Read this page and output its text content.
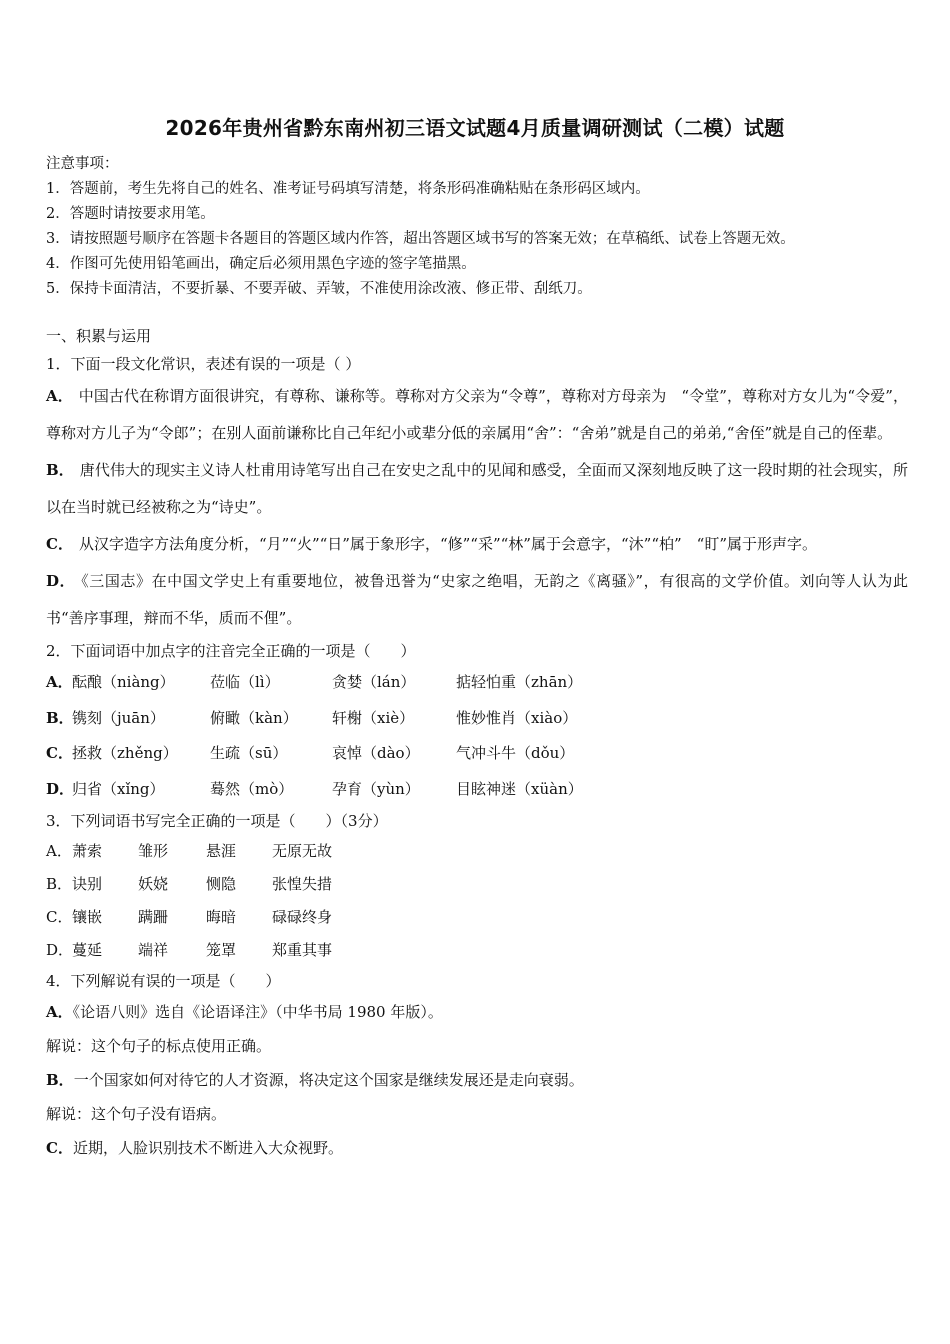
2026年贵州省黔东南州初三语文试题4月质量调研测试（二模）试题
注意事项：
1．答题前，考生先将自己的姓名、准考证号码填写清楚，将条形码准确粘贴在条形码区域内。
2．答题时请按要求用笔。
3．请按照题号顺序在答题卡各题目的答题区域内作答，超出答题区域书写的答案无效；在草稿纸、试卷上答题无效。
4．作图可先使用铅笔画出，确定后必须用黑色字迹的签字笔描黑。
5．保持卡面清洁，不要折暴、不要弄破、弄皱，不准使用涂改液、修正带、刮纸刀。
一、积累与运用
1．下面一段文化常识，表述有误的一项是（ ）

A． 中国古代在称谓方面很讲究，有尊称、谦称等。尊称对方父亲为“令尊”，尊称对方母亲为　“令堂”，尊称对方女儿为“令爱”，尊称对方儿子为“令郎”；在别人面前谦称比自己年纪小或辈分低的亲属用“舍”：“舍弟”就是自己的弟弟,“舍侄”就是自己的侄辈。

B． 唐代伟大的现实主义诗人杜甫用诗笔写出自己在安史之乱中的见闻和感受，全面而又深刻地反映了这一段时期的社会现实，所以在当时就已经被称之为“诗史”。

C． 从汉字造字方法角度分析，“月”“火”“日”属于象形字，“修”“采”“林”属于会意字，“沐”“柏”　“盯”属于形声字。

D． 《三国志》在中国文学史上有重要地位，被鲁迅誉为“史家之绝唱，无韵之《离骚》”，有很高的文学价值。刘向等人认为此书“善序事理，辩而不华，质而不俚”。

2．下面词语中加点字的注音完全正确的一项是（　　）
A．酝酿（niàng） 莅临（lì）	贪婪（lán）	掂轻怕重（zhān）
B．镌刻（juān）	俯瞰（kàn） 轩榭（xiè）	惟妙惟肖（xiào）
C．拯救（zhěng） 生疏（sū）	哀悼（dào） 气冲斗牛（dǒu）
D．归省（xǐng）	蓦然（mò）	孕育（yùn） 目眩神迷（xüàn）
3．下列词语书写完全正确的一项是（　　）（3分）
A．萧索 雏形	悬涯 无原无故
B．诀别 妖娆	恻隐 张惶失措
C．镶嵌 蹒跚	晦暗 碌碌终身
D．蔓延 端祥	笼罩 郑重其事
4．下列解说有误的一项是（　　）
A．《论语八则》选自《论语译注》（中华书局 1980 年版）。
解说：这个句子的标点使用正确。
B．一个国家如何对待它的人才资源，将决定这个国家是继续发展还是走向衰弱。
解说：这个句子没有语病。
C．近期，人脸识别技术不断进入大众视野。
